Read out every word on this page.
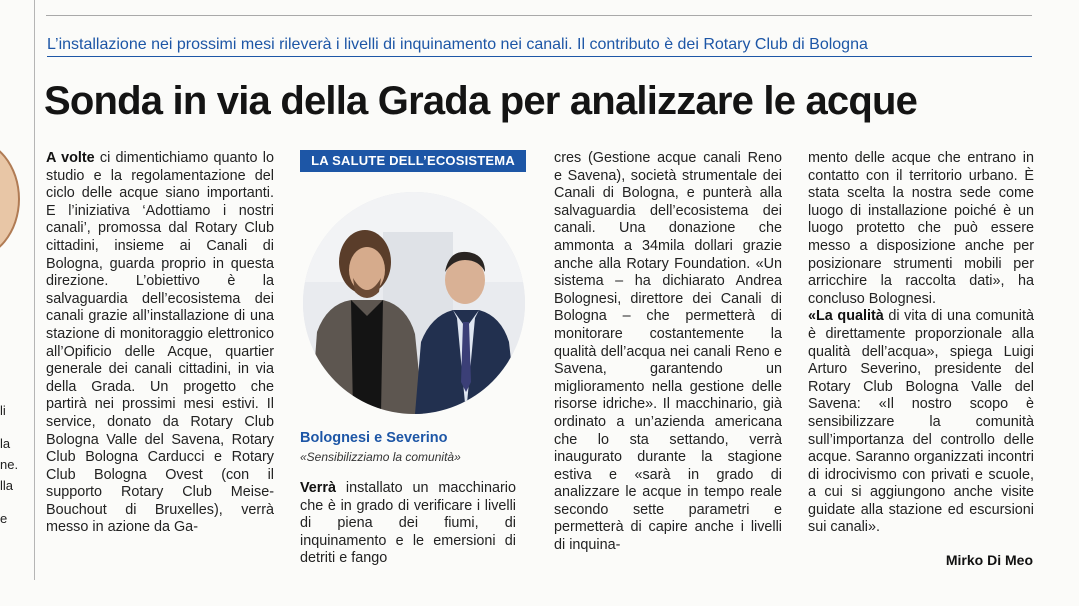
li
la
ne.
lla
e
L’installazione nei prossimi mesi rileverà i livelli di inquinamento nei canali. Il contributo è dei Rotary Club di Bologna
Sonda in via della Grada per analizzare le acque

A volte ci dimentichiamo quanto lo studio e la regolamentazione del ciclo delle acque siano importanti. E l’iniziativa ‘Adottiamo i nostri canali’, promossa dal Rotary Club cittadini, insieme ai Canali di Bologna, guarda proprio in questa direzione. L’obiettivo è la salvaguardia dell’ecosistema dei canali grazie all’installazione di una stazione di monitoraggio elettronico all’Opificio delle Acque, quartier generale dei canali cittadini, in via della Grada. Un progetto che partirà nei prossimi mesi estivi. Il service, donato da Rotary Club Bologna Valle del Savena, Rotary Club Bologna Carducci e Rotary Club Bologna Ovest (con il supporto Rotary Club Meise-Bouchout di Bruxelles), verrà messo in azione da Ga-

LA SALUTE DELL’ECOSISTEMA
Bolognesi e Severino
«Sensibilizziamo la comunità»

Verrà installato un macchinario che è in grado di verificare i livelli di piena dei fiumi, di inquinamento e le emersioni di detriti e fango

cres (Gestione acque canali Reno e Savena), società strumentale dei Canali di Bologna, e punterà alla salvaguardia dell’ecosistema dei canali. Una donazione che ammonta a 34mila dollari grazie anche alla Rotary Foundation. «Un sistema – ha dichiarato Andrea Bolognesi, direttore dei Canali di Bologna – che permetterà di monitorare costantemente la qualità dell’acqua nei canali Reno e Savena, garantendo un miglioramento nella gestione delle risorse idriche». Il macchinario, già ordinato a un’azienda americana che lo sta settando, verrà inaugurato durante la stagione estiva e «sarà in grado di analizzare le acque in tempo reale secondo sette parametri e permetterà di capire anche i livelli di inquina-

mento delle acque che entrano in contatto con il territorio urbano. È stata scelta la nostra sede come luogo di installazione poiché è un luogo protetto che può essere messo a disposizione anche per posizionare strumenti mobili per arricchire la raccolta dati», ha concluso Bolognesi.

«La qualità di vita di una comunità è direttamente proporzionale alla qualità dell’acqua», spiega Luigi Arturo Severino, presidente del Rotary Club Bologna Valle del Savena: «Il nostro scopo è sensibilizzare la comunità sull’importanza del controllo delle acque. Saranno organizzati incontri di idrocivismo con privati e scuole, a cui si aggiungono anche visite guidate alla stazione ed escursioni sui canali».

Mirko Di Meo
